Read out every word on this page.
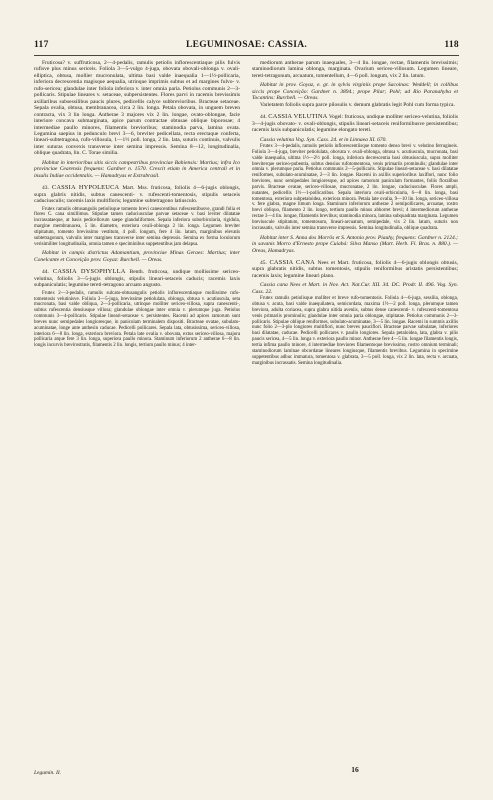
117	LEGUMINOSAE: CASSIA.	118

Fruticosa? v. suffruticosa, 2—4-pedalis, ramulis petiolis inflorescentiaque pilis fulvis rufisve plus minus sericeis. Foliola 3—5-vulgo 4-juga, obovata obovali-oblonga v. ovali-elliptica, obtusa, mollier mucronulata, ultima basi valde inaequalia 1—1½-pollicaria, inferiora decrescentia magisque aequalia, utrinque imprimis subtus et ad margines fulvo- v. rufo-sericea; glandulae inter foliola inferiora v. inter omnia paria. Petiolus communis 2—3-pollicaris. Stipulae lineares v. setaceae, subpersistentes. Flores parvi in racemis brevissimis axillaribus subsessilibus paucis plures, pedicellis calyce subbrevioribus. Bracteae setaceae. Sepala ovalia, obtusa, membranacea, circa 2 lin. longa. Petala obovata, in unguem breven contracta, vix 3 lin longa. Antherae 3 majores vix 2 lin. longae, ovato-oblongae, facie interiore concava submarginata, apice parum contractae obtusae oblique biporosae; 4 intermediae paullo minores, filamentis brevioribus; staminodia parva, lamina ovata. Legumina saepius in pedunculo brevi 3—6, breviter pedicellata, recta erectaque conferta, lineari-subtetragona, rufo-villosula, 1—1½ poll. longa, 2 lin. lata, suturis continuis, valvulis inter suturas convexis transverse inter semina impressis. Semina 8—12, longitudinalia, oblique quadrata, lin. C. Torae similia.

Habitat in interioribus sitis siccis campestribus provinciae Bahiensis: Martius; infra Ico provinciae Cearensis frequens: Gardner n. 1570. Crescit etiam in America centrali et in insulis Indiae occidentalis. — Hamadryas et Extrabrasil.

43. CASSIA HYPOLEUCA Mart. Mss. fruticosa, foliolis 4—6-jugis oblongis, supra glabris nitidis, subtus canescenti- v. rufescenti-tomentosis, stipulis setaceis caduciusculis; racemis laxis multifloris; legumine subtetragono latiusculo.

Frutex ramulis obtusangulis petiolisque tomento brevi canescentibus rufescentibusve, grandi folia et flores C. cana simillimus. Stipulae tamen caduciusculae parvae setaceae v. basi leviter dilatatae incrassataeque, at basis pedicellorum saepe glanduliformes. Sepala inferiora suborbicularia, rigidula, margine membranacea, 5 lin. diametro, exteriora ovali-oblonga 2 lin. longa. Legumen breviter stipitatum, tomento brevissimo vestitum, 4 poll. longum, fere 4 lin. latum, marginibus elevatis subtetragonum, valvulis inter margines transverse inter semina depressis. Semina ex forma loculorum verisimiliter longitudinalia, omnia tamen e speciminibus suppetentibus jam delapsa.

Habitat in campis districtus Adamantium, provinciae Minas Geraes: Martius; inter Conelcante et Conceição prov. Goyaz: Burchell. — Oreas.

44. CASSIA DYSOPHYLLA Benth. fruticosa, undique mollissime sericeo-velutina, foliolis 3—5-jugis oblongis, stipulis lineari-setaceis caducis; racemis laxis subpaniculatis; legumine tereti-tetragono arcuato angusto.

Frutex 2—3-pedalis, ramulis sulcato-obtusangulis petiolis inflorescentiaque mollissime rufo-tomentosis velutinisve. Foliola 3—5-juga, brevissime petiolulata, oblonga, obtusa v. acutiuscula, seta mucronata, basi valde obliqua, 2—3-pollicaria, utrinque molliter sericeo-villosa, supra canescenti-, subtus rufescentia densiusque villosa; glandulae oblongae inter omnia v. plerumque juga. Petiolus communis 3—4-pollicaris. Stipulae lineari-setaceae v. persistentes. Racemi ad apices ramorum sunt breves nunc semipedales longioresque, in paniculam terminalem dispositi. Bracteae ovatae, subulato-acuminatae, longe ante anthesin caducae. Pedicelli pollicares. Sepala lata, obtusissima, sericeo-villosa, interiora 6—8 lin. longa, exteriora breviora. Petala late ovalia v. obovata, extus sericeo-villosa, majora pollicaria atque fere 3 lin. longa, superiora paullo minora. Staminum inferiorum 2 antherae 6—8 lin. longis incurvis brevirostratis, filamentis 2 lin. longis, tertium paullo minus; 4 inter-

mediorum antherae parum inaequales, 3—4 lin. longae, rectae, filamentis brevissimis; staminodiorum lamina oblonga, marginata. Ovarium sericeo-villosum. Legumen lineare, tereti-tetragonum, arcuatum, tomentellum, 4—6 poll. longum, vix 2 lin. latum.

Habitat in prov. Goyaz, e. gr. in sylvis virginiis prope Sacoinas: Weddell; in collibus siccis prope Conceição: Gardner n. 3894.; prope Pilar; Pohl; ad Rio Paranahyba et Tocantins: Burchell. — Oreas.

Varietatem foliolis supra parce pilosulis v. demum glabratis legit Pohl cum forma typica.

44. CASSIA VELUTINA Vogel: fruticosa, undique molliter sericeo-velutina, foliolis 3—4-jugis obovato- v. ovali-oblongis, stipulis lineari-setaceis reniformibusve persistentibus; racemis laxis subpaniculatis; legumine elongato tereti.

Cassia velutina Vog. Syn. Cass. 24. et in Linnaea XI. 670.

Frutex 3—4-pedalis, ramulis petiolis inflorescentiisque tomento denso brevi v. velutino ferrugineis. Foliola 3—4-juga, breviter petiolulata, obovata v. ovali-oblonga, obtusa v. acutiuscula, mucronata, basi valde inaequalia, ultima 1½—2½ poll. longa, inferiora decrescentia basi obtusiuscula, supra molliter breviterque sericeo-pubentia, subtus densius rufotomentosa, venis primariis prominulis; glandulae inter omnia v. plerumque paria. Petiolus communis 2—5-pollicaris. Stipulae lineari-setaceae v. basi dilatatae reniformes, subulato-acuminatae, 2—3 lin. longae. Racemi in axillis superioribus laxiflori, nunc folio breviores, nunc semipedales longioresque, ad apices ramorum paniculam formantes, foliis floralibus parvis. Bracteae ovatae, sericeo-villosae, mucronatae, 2 lin. longae, caduciusculae. Flores ampli, nutantes, pedicellis 1½—1-pollicaribus. Sepala interiora ovali-orbicularia, 6—8 lin. longa, basi tomentosa, exteriora subpetaloidea, exteriora minora. Petala late ovalia, 9—10 lin. longa, sericeo-villosa v. fere glabra, magne limum longa. Staminum inferiorum antherae 2 semipollicares, arcuatae, rostro brevi obliquo, filamento 2 lin. longo, tertium paullo minus abhorret brevi; 4 intermediorum antherae rectae 3—4 lin. longae, filamentis brevibus; staminodia minora, lamina subquadrata marginata. Legumen breviuscule stipitatum, tomentosum, lineari-arcuatum, semipedale, vix 2 lin. latum, suturis non incrassatis, valvulis inter semina transverse impressis. Semina longitudinalia, oblique quadrata.

Habitat inter S. Anna dos Morrôs et S. Antonio prov. Piauhy, frequens: Gardner n. 2124.; in savanis Morro d'Ernesto prope Cuiabá: Silva Manso (Mart. Herb. Fl. Bras. n. 880.). — Oreas, Hamadryas.

45. CASSIA CANA Nees et Mart. fruticosa, foliolis 4—6-jugis oblongis obtusis, supra glabratis nitidis, subtus tomentosis, stipulis reniformibus aristatis persistentibus; racemis laxis; legumine lineari plano.

Cassia cana Nees et Mart. in Nov. Act. Nat.Cur. XII. 34. DC. Prodr. II. 496. Vog. Syn. Cass. 22.

Frutex ramulis petiolisque molliter et breve rufo-tomentosis. Foliola 4—6-juga, sessilia, oblonga, obtusa v. acuta, basi valde inaequilatera, semicordata, maxima 1½—2 poll. longa, plerumque tamen breviora, adulta coriacea, supra glabra nitida aveniis, subtus dense canescenti- v. rufescenti-tomentosa venis primariis prominulis; glandulae inter omnia paria oblongae, stipitatae. Petiolus communis 2—3-pollicaris. Stipulae oblique reniformes, subulato-acuminatae, 3—5 lin. longae. Racemi in summis axillis nunc folio 2—3-plo longiores multiflori, nunc breves pauciflori. Bracteae parvae subulatae, inferiores basi dilatatae, caducae. Pedicelli pollicares v. paullo longiores. Sepala petaloidea, lata, glabra v. pilis paucis sericea, 4—5 lin. longa v. exteriora paullo minor. Antherae fere 4—5 lin. longae filamentis longis, tertia infima paullo minore, 4 intermediae breviores filamentoque brevissimo, rostro omnium terminali; staminodiorum laminae obcordatae lineares longiusque, filamentis brevibus. Legumina in specimine suppetentibus adhuc immatura, tomentosa v. glabrata, 3—5 poll. longa, vix 2 lin. lata, recta v. arcuata, marginibus incrassatis. Semina longitudinalia.

Legumin. II.	16
